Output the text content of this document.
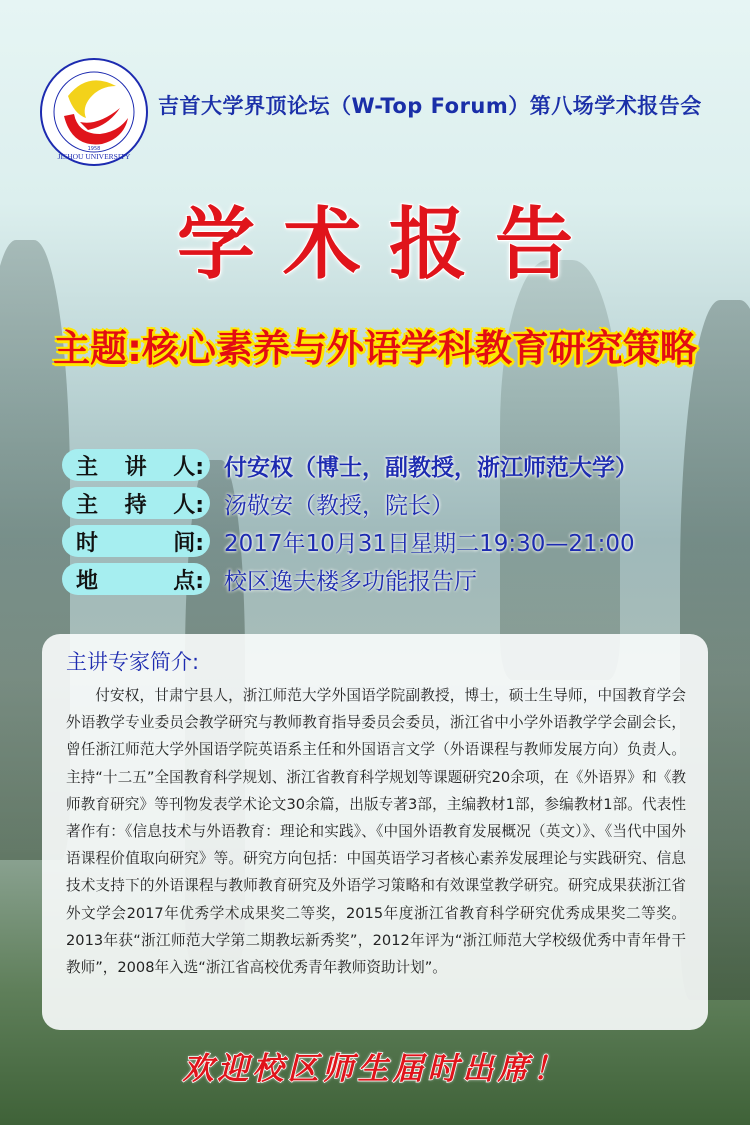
JISHOU UNIVERSITY
1958
吉首大学界顶论坛（W-Top Forum）第八场学术报告会
学术报告
主题:核心素养与外语学科教育研究策略
主 讲 人: 付安权（博士，副教授，浙江师范大学）
主 持 人: 汤敬安（教授，院长）
时	间: 2017年10月31日星期二19:30—21:00
地	点: 校区逸夫楼多功能报告厅
主讲专家简介:

付安权，甘肃宁县人，浙江师范大学外国语学院副教授，博士，硕士生导师，中国教育学会外语教学专业委员会教学研究与教师教育指导委员会委员，浙江省中小学外语教学学会副会长，曾任浙江师范大学外国语学院英语系主任和外国语言文学（外语课程与教师发展方向）负责人。主持“十二五”全国教育科学规划、浙江省教育科学规划等课题研究20余项，在《外语界》和《教师教育研究》等刊物发表学术论文30余篇，出版专著3部，主编教材1部，参编教材1部。代表性著作有：《信息技术与外语教育：理论和实践》、《中国外语教育发展概况（英文）》、《当代中国外语课程价值取向研究》等。研究方向包括：中国英语学习者核心素养发展理论与实践研究、信息技术支持下的外语课程与教师教育研究及外语学习策略和有效课堂教学研究。研究成果获浙江省外文学会2017年优秀学术成果奖二等奖，2015年度浙江省教育科学研究优秀成果奖二等奖。2013年获“浙江师范大学第二期教坛新秀奖”，2012年评为“浙江师范大学校级优秀中青年骨干教师”，2008年入选“浙江省高校优秀青年教师资助计划”。

欢迎校区师生届时出席！
